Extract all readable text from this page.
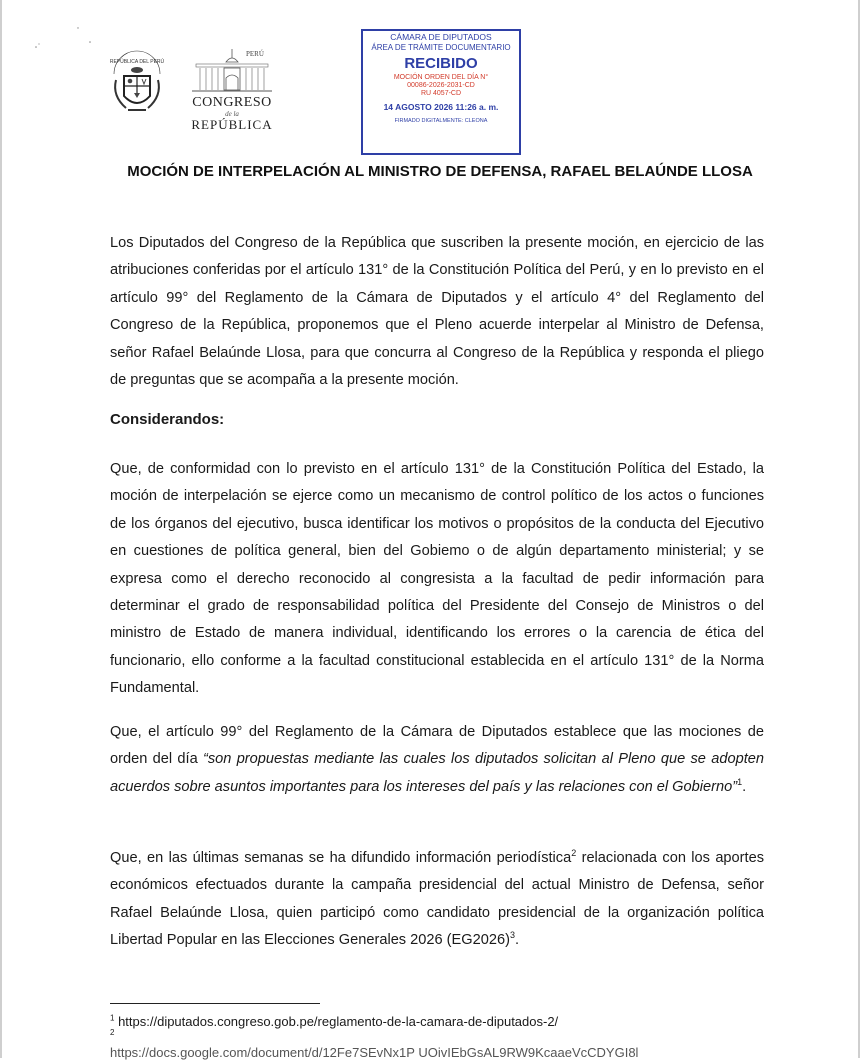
REPÚBLICA DEL PERÚ
PERÚ
CONGRESO
de la
REPÚBLICA
CÁMARA DE DIPUTADOS
ÁREA DE TRÁMITE DOCUMENTARIO
RECIBIDO
MOCIÓN ORDEN DEL DÍA N°
00086-2026-2031-CD
RU 4057-CD
14 AGOSTO 2026 11:26 a. m.
FIRMADO DIGITALMENTE: CLEONA
MOCIÓN DE INTERPELACIÓN AL MINISTRO DE DEFENSA, RAFAEL BELAÚNDE LLOSA
Los Diputados del Congreso de la República que suscriben la presente moción, en ejercicio de las atribuciones conferidas por el artículo 131° de la Constitución Política del Perú, y en lo previsto en el artículo 99° del Reglamento de la Cámara de Diputados y el artículo 4° del Reglamento del Congreso de la República, proponemos que el Pleno acuerde interpelar al Ministro de Defensa, señor Rafael Belaúnde Llosa, para que concurra al Congreso de la República y responda el pliego de preguntas que se acompaña a la presente moción.
Considerandos:
Que, de conformidad con lo previsto en el artículo 131° de la Constitución Política del Estado, la moción de interpelación se ejerce como un mecanismo de control político de los actos o funciones de los órganos del ejecutivo, busca identificar los motivos o propósitos de la conducta del Ejecutivo en cuestiones de política general, bien del Gobiemo o de algún departamento ministerial; y se expresa como el derecho reconocido al congresista a la facultad de pedir información para determinar el grado de responsabilidad política del Presidente del Consejo de Ministros o del ministro de Estado de manera individual, identificando los errores o la carencia de ética del funcionario, ello conforme a la facultad constitucional establecida en el artículo 131° de la Norma Fundamental.
Que, el artículo 99° del Reglamento de la Cámara de Diputados establece que las mociones de orden del día “son propuestas mediante las cuales los diputados solicitan al Pleno que se adopten acuerdos sobre asuntos importantes para los intereses del país y las relaciones con el Gobierno”$^1$.
Que, en las últimas semanas se ha difundido información periodística$^2$ relacionada con los aportes económicos efectuados durante la campaña presidencial del actual Ministro de Defensa, señor Rafael Belaúnde Llosa, quien participó como candidato presidencial de la organización política Libertad Popular en las Elecciones Generales 2026 $(EG2026)^3$.
$^1$ https://diputados.congreso.gob.pe/reglamento-de-la-camara-de-diputados-2/
2
https://docs.google.com/document/d/12Fe7SEvNx1P UOivIEbGsAL9RW9KcaaeVcCDYGI8l
